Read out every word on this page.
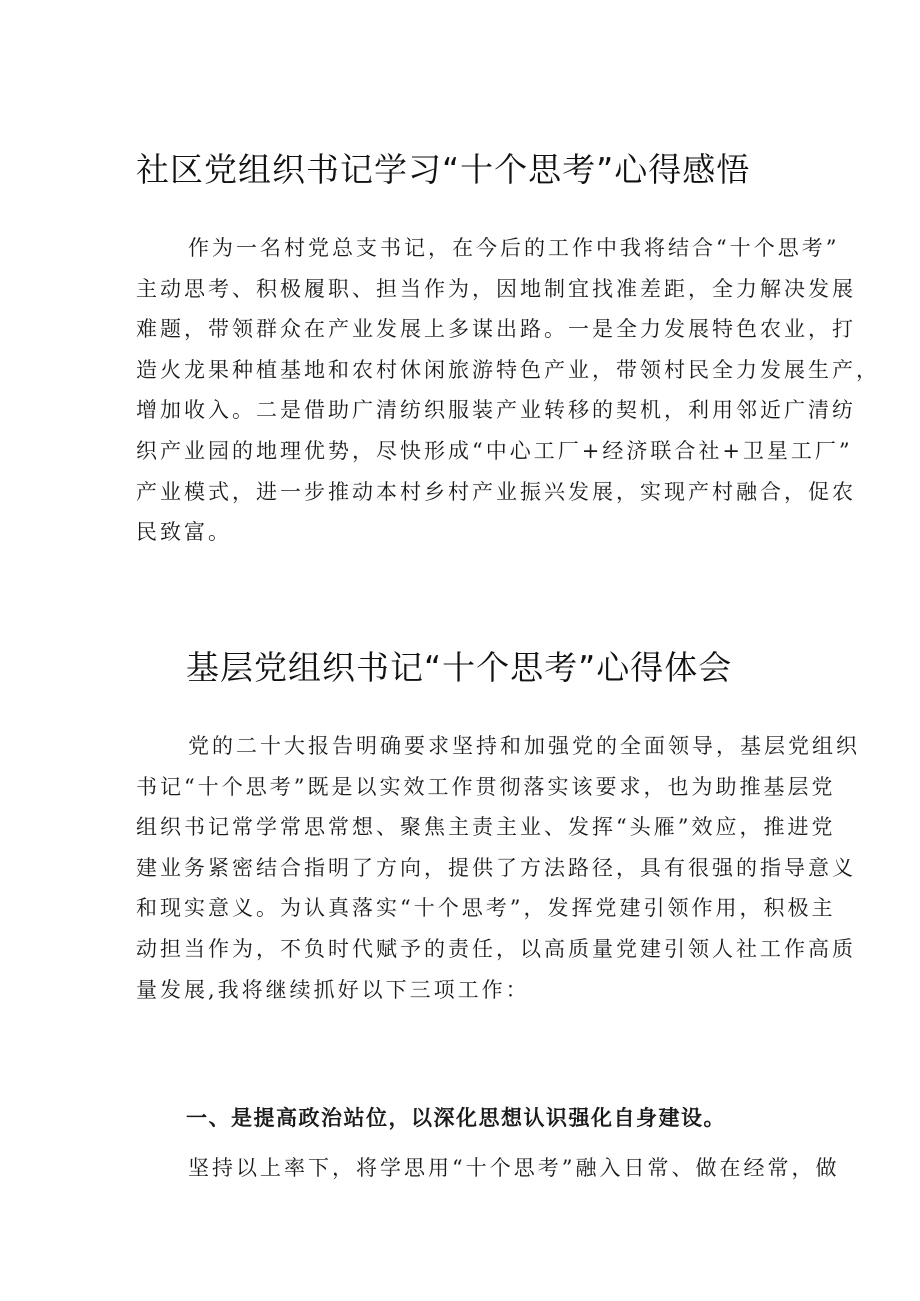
社区党组织书记学习“十个思考”心得感悟

作为一名村党总支书记，在今后的工作中我将结合“十个思考”
主动思考、积极履职、担当作为，因地制宜找准差距，全力解决发展
难题，带领群众在产业发展上多谋出路。一是全力发展特色农业，打
造火龙果种植基地和农村休闲旅游特色产业，带领村民全力发展生产，
增加收入。二是借助广清纺织服装产业转移的契机，利用邻近广清纺
织产业园的地理优势，尽快形成“中心工厂+经济联合社+卫星工厂”
产业模式，进一步推动本村乡村产业振兴发展，实现产村融合，促农
民致富。

基层党组织书记“十个思考”心得体会

党的二十大报告明确要求坚持和加强党的全面领导，基层党组织
书记“十个思考”既是以实效工作贯彻落实该要求，也为助推基层党
组织书记常学常思常想、聚焦主责主业、发挥“头雁”效应，推进党
建业务紧密结合指明了方向，提供了方法路径，具有很强的指导意义
和现实意义。为认真落实“十个思考”，发挥党建引领作用，积极主
动担当作为，不负时代赋予的责任，以高质量党建引领人社工作高质
量发展,我将继续抓好以下三项工作：

一、是提高政治站位，以深化思想认识强化自身建设。

坚持以上率下，将学思用“十个思考”融入日常、做在经常，做
